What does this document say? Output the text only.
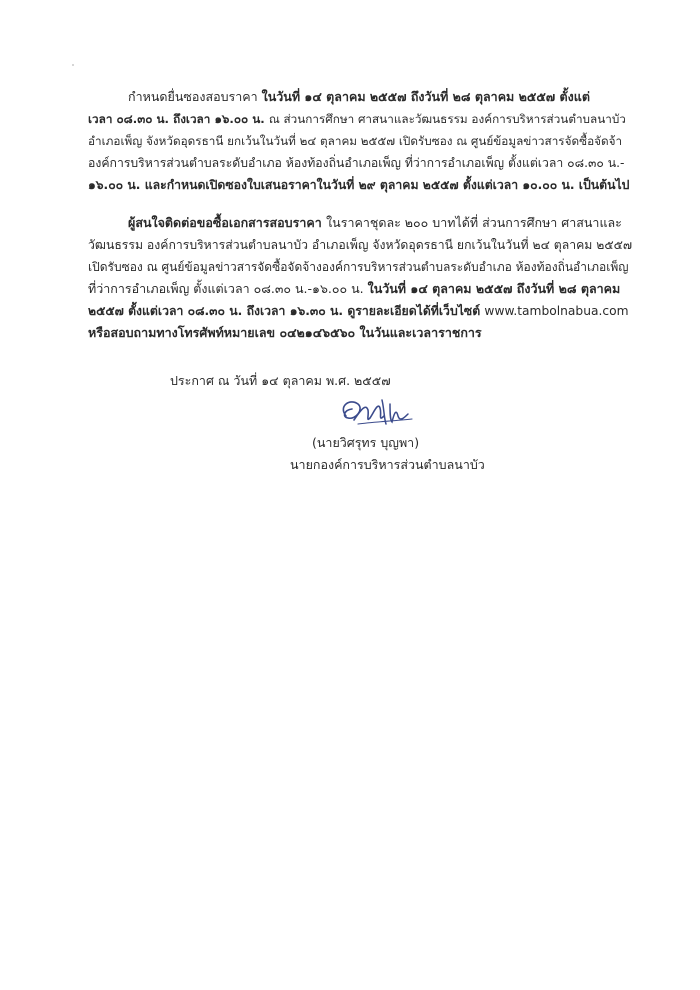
กำหนดยื่นซองสอบราคา ในวันที่ ๑๔ ตุลาคม ๒๕๕๗ ถึงวันที่ ๒๘ ตุลาคม ๒๕๕๗ ตั้งแต่
เวลา ๐๘.๓๐ น. ถึงเวลา ๑๖.๐๐ น. ณ ส่วนการศึกษา ศาสนาและวัฒนธรรม องค์การบริหารส่วนตำบลนาบัว
อำเภอเพ็ญ จังหวัดอุดรธานี ยกเว้นในวันที่ ๒๔ ตุลาคม ๒๕๕๗ เปิดรับซอง ณ ศูนย์ข้อมูลข่าวสารจัดซื้อจัดจ้า
องค์การบริหารส่วนตำบลระดับอำเภอ ห้องท้องถิ่นอำเภอเพ็ญ ที่ว่าการอำเภอเพ็ญ ตั้งแต่เวลา ๐๘.๓๐ น.-
๑๖.๐๐ น. และกำหนดเปิดซองใบเสนอราคาในวันที่ ๒๙ ตุลาคม ๒๕๕๗ ตั้งแต่เวลา ๑๐.๐๐ น. เป็นต้นไป
ผู้สนใจติดต่อขอซื้อเอกสารสอบราคา ในราคาชุดละ ๒๐๐ บาทได้ที่ ส่วนการศึกษา ศาสนาและ
วัฒนธรรม องค์การบริหารส่วนตำบลนาบัว อำเภอเพ็ญ จังหวัดอุดรธานี ยกเว้นในวันที่ ๒๔ ตุลาคม ๒๕๕๗
เปิดรับซอง ณ ศูนย์ข้อมูลข่าวสารจัดซื้อจัดจ้างองค์การบริหารส่วนตำบลระดับอำเภอ ห้องท้องถิ่นอำเภอเพ็ญ
ที่ว่าการอำเภอเพ็ญ ตั้งแต่เวลา ๐๘.๓๐ น.-๑๖.๐๐ น. ในวันที่ ๑๔ ตุลาคม ๒๕๕๗ ถึงวันที่ ๒๘ ตุลาคม
๒๕๕๗ ตั้งแต่เวลา ๐๘.๓๐ น. ถึงเวลา ๑๖.๓๐ น. ดูรายละเอียดได้ที่เว็บไซต์ www.tambolnabua.com
หรือสอบถามทางโทรศัพท์หมายเลข ๐๔๒๑๔๖๕๖๐ ในวันและเวลาราชการ
ประกาศ ณ วันที่ ๑๔ ตุลาคม พ.ศ. ๒๕๕๗
(นายวิศรุทร บุญพา)
นายกองค์การบริหารส่วนตำบลนาบัว
